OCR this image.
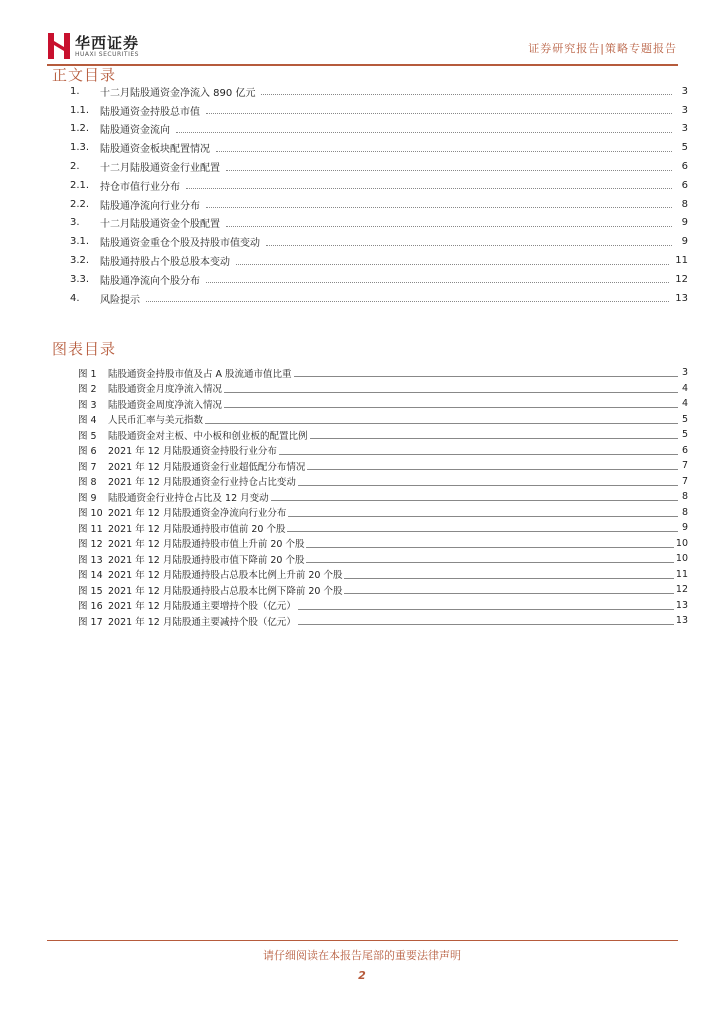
华西证券
HUAXI SECURITIES	证券研究报告|策略专题报告
正文目录
1.	十二月陆股通资金净流入 890 亿元	3
1.1.	陆股通资金持股总市值	3
1.2.	陆股通资金流向	3
1.3.	陆股通资金板块配置情况	5
2.	十二月陆股通资金行业配置	6
2.1.	持仓市值行业分布	6
2.2.	陆股通净流向行业分布	8
3.	十二月陆股通资金个股配置	9
3.1.	陆股通资金重仓个股及持股市值变动	9
3.2.	陆股通持股占个股总股本变动	11
3.3.	陆股通净流向个股分布	12
4.	风险提示	13
图表目录
图 1	陆股通资金持股市值及占 A 股流通市值比重	3
图 2	陆股通资金月度净流入情况	4
图 3	陆股通资金周度净流入情况	4
图 4	人民币汇率与美元指数	5
图 5	陆股通资金对主板、中小板和创业板的配置比例	5
图 6	2021 年 12 月陆股通资金持股行业分布	6
图 7	2021 年 12 月陆股通资金行业超低配分布情况	7
图 8	2021 年 12 月陆股通资金行业持仓占比变动	7
图 9	陆股通资金行业持仓占比及 12 月变动	8
图 10 2021 年 12 月陆股通资金净流向行业分布	8
图 11 2021 年 12 月陆股通持股市值前 20 个股	9
图 12 2021 年 12 月陆股通持股市值上升前 20 个股	10
图 13 2021 年 12 月陆股通持股市值下降前 20 个股	10
图 14 2021 年 12 月陆股通持股占总股本比例上升前 20 个股	11
图 15 2021 年 12 月陆股通持股占总股本比例下降前 20 个股	12
图 16 2021 年 12 月陆股通主要增持个股（亿元）	13
图 17 2021 年 12 月陆股通主要减持个股（亿元）	13
请仔细阅读在本报告尾部的重要法律声明
2
